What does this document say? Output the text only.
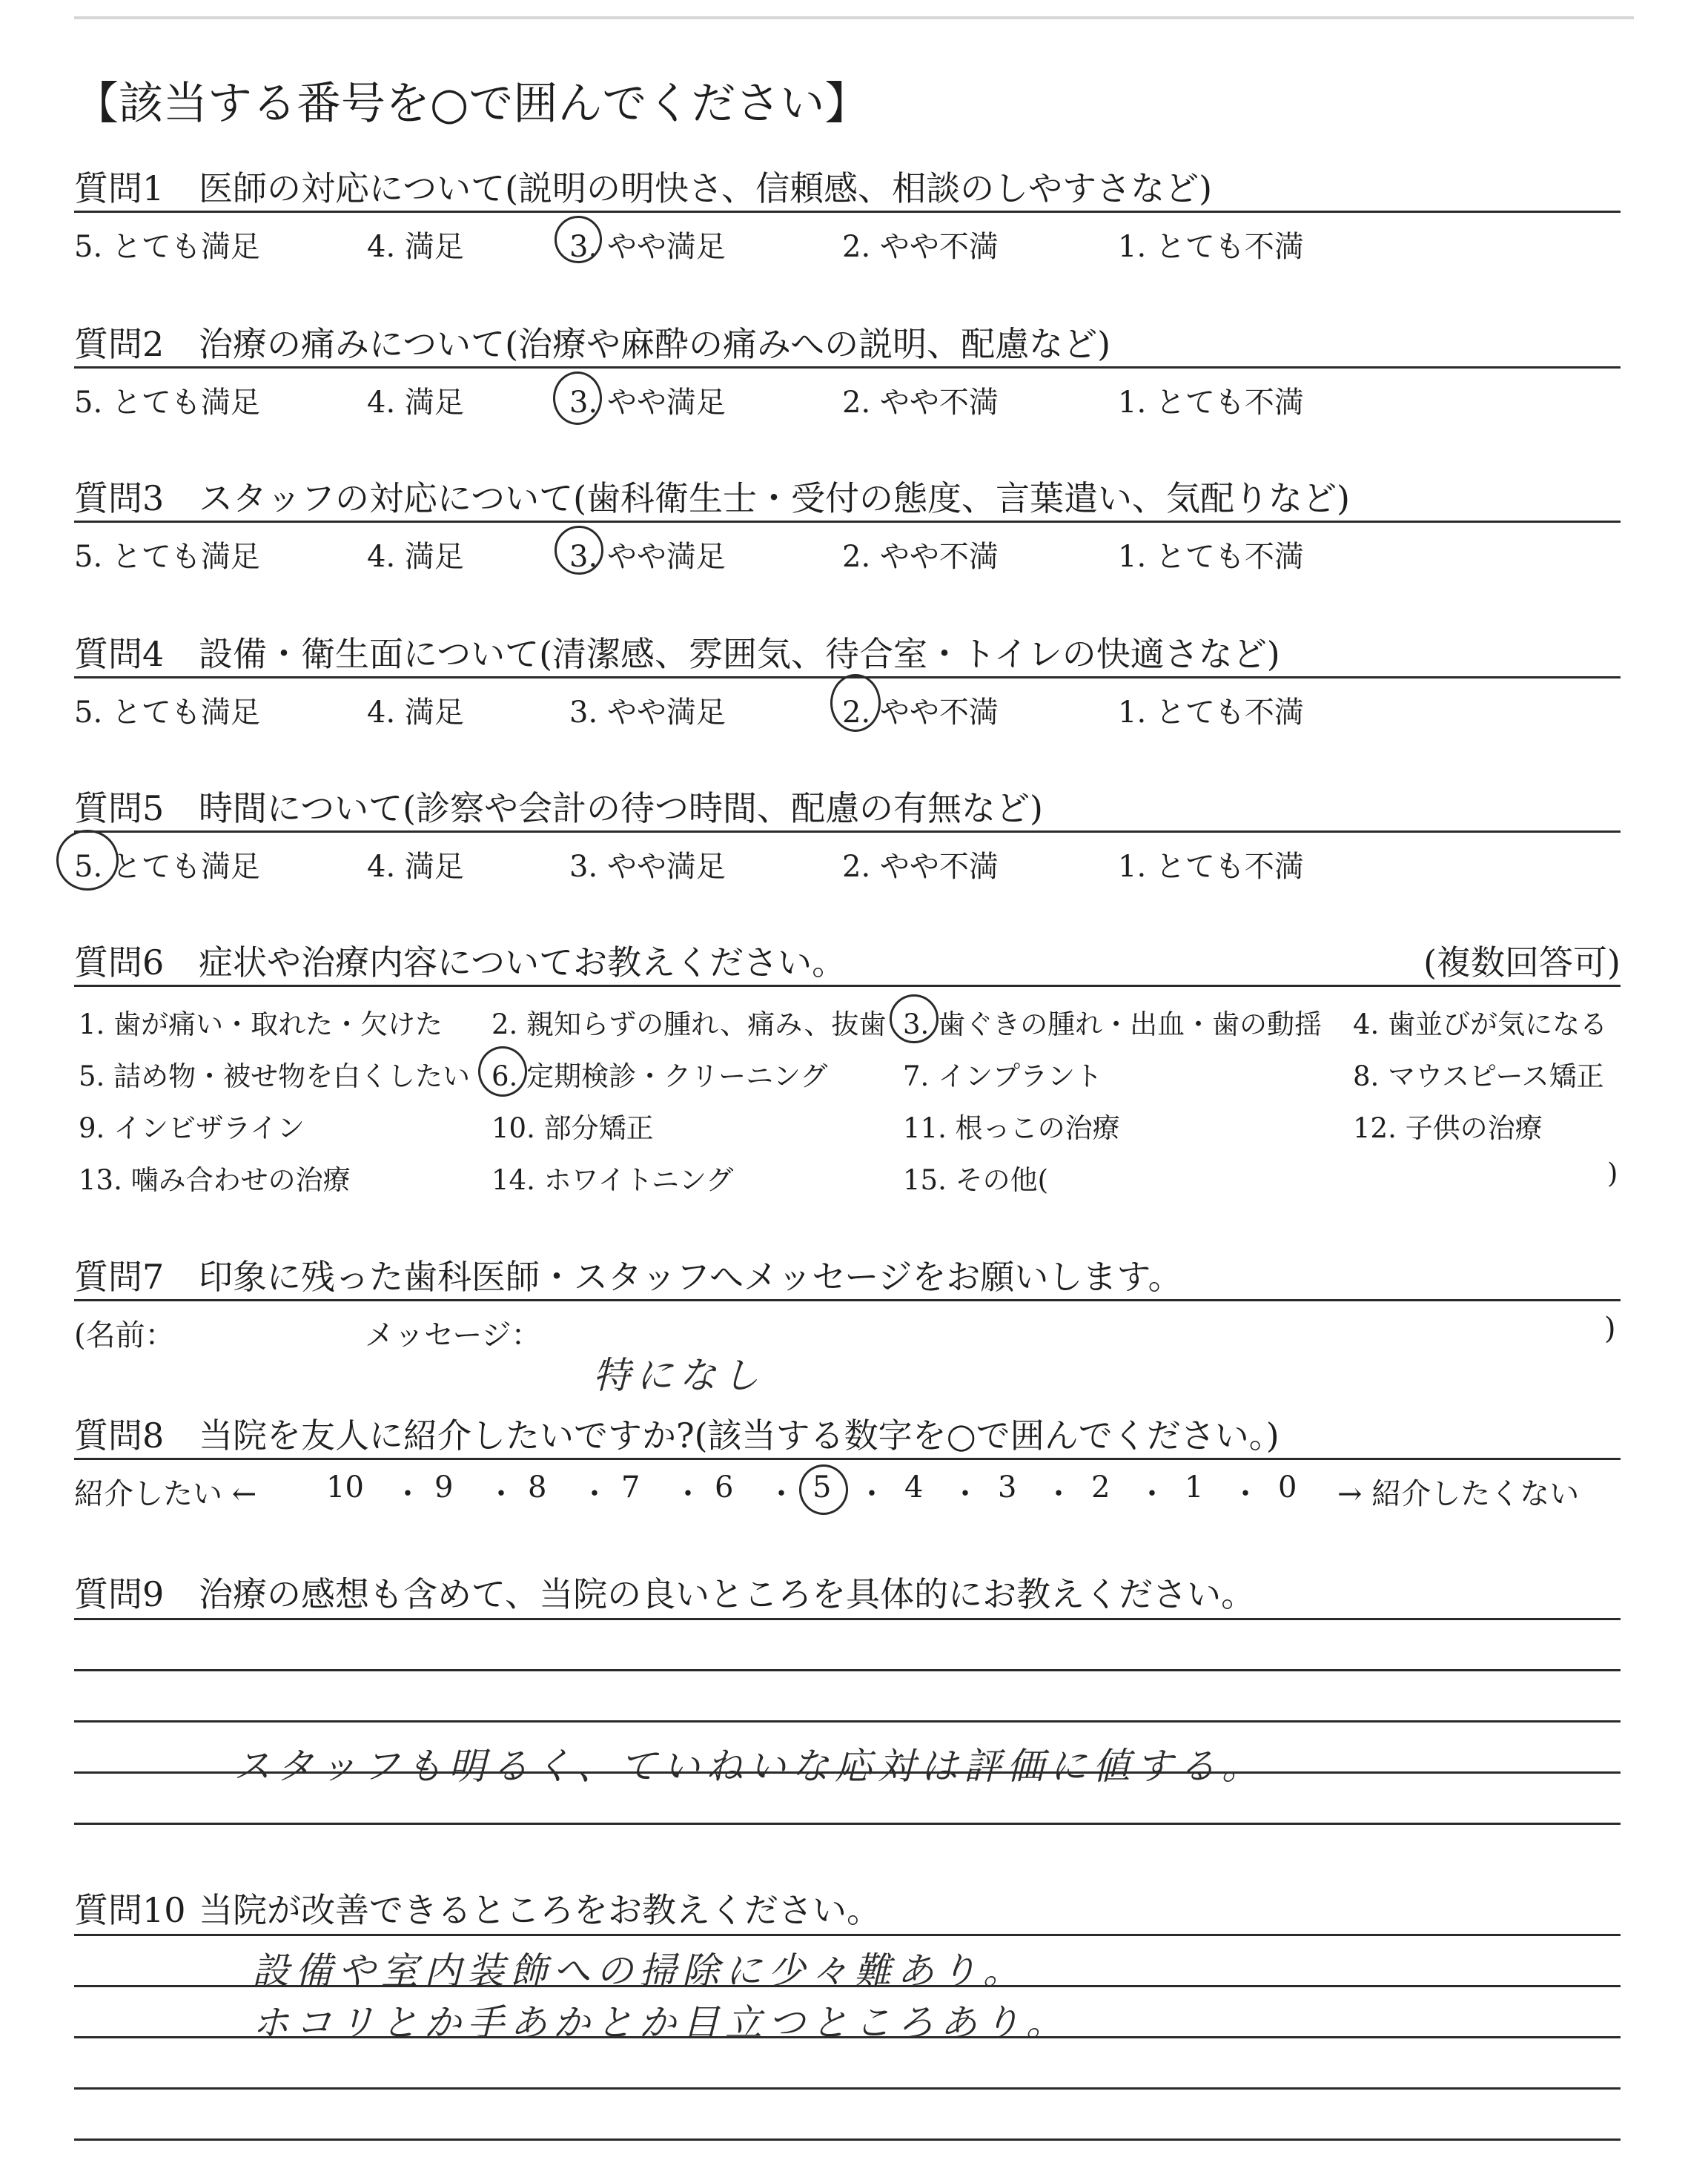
【該当する番号を○で囲んでください】
質問1	医師の対応について(説明の明快さ、信頼感、相談のしやすさなど)
5. とても満足	4. 満足	3. やや満足	2. やや不満	1. とても不満
質問2	治療の痛みについて(治療や麻酔の痛みへの説明、配慮など)
5. とても満足	4. 満足	3. やや満足	2. やや不満	1. とても不満
質問3	スタッフの対応について(歯科衛生士・受付の態度、言葉遣い、気配りなど)
5. とても満足	4. 満足	3. やや満足	2. やや不満	1. とても不満
質問4	設備・衛生面について(清潔感、雰囲気、待合室・トイレの快適さなど)
5. とても満足	4. 満足	3. やや満足	2. やや不満	1. とても不満
質問5	時間について(診察や会計の待つ時間、配慮の有無など)
5. とても満足	4. 満足	3. やや満足	2. やや不満	1. とても不満
質問6	症状や治療内容についてお教えください。	(複数回答可)
1. 歯が痛い・取れた・欠けた 2. 親知らずの腫れ、痛み、抜歯 3. 歯ぐきの腫れ・出血・歯の動揺 4. 歯並びが気になる
5. 詰め物・被せ物を白くしたい 6. 定期検診・クリーニング	7. インプラント	8. マウスピース矯正
9. インビザライン	10. 部分矯正	11. 根っこの治療	12. 子供の治療
13. 噛み合わせの治療	14. ホワイトニング	15. その他(	)
質問7	印象に残った歯科医師・スタッフへメッセージをお願いします。
(名前：	メッセージ：	)
特になし
質問8	当院を友人に紹介したいですか?(該当する数字を○で囲んでください。)
紹介したい ← 10 ・ 9 ・ 8 ・ 7 ・ 6 ・ 5 ・ 4 ・ 3 ・ 2 ・ 1 ・ 0 → 紹介したくない
質問9	治療の感想も含めて、当院の良いところを具体的にお教えください。
スタッフも明るく、ていねいな応対は評価に値する。
質問10 当院が改善できるところをお教えください。
設備や室内装飾への掃除に少々難あり。
ホコリとか手あかとか目立つところあり。
